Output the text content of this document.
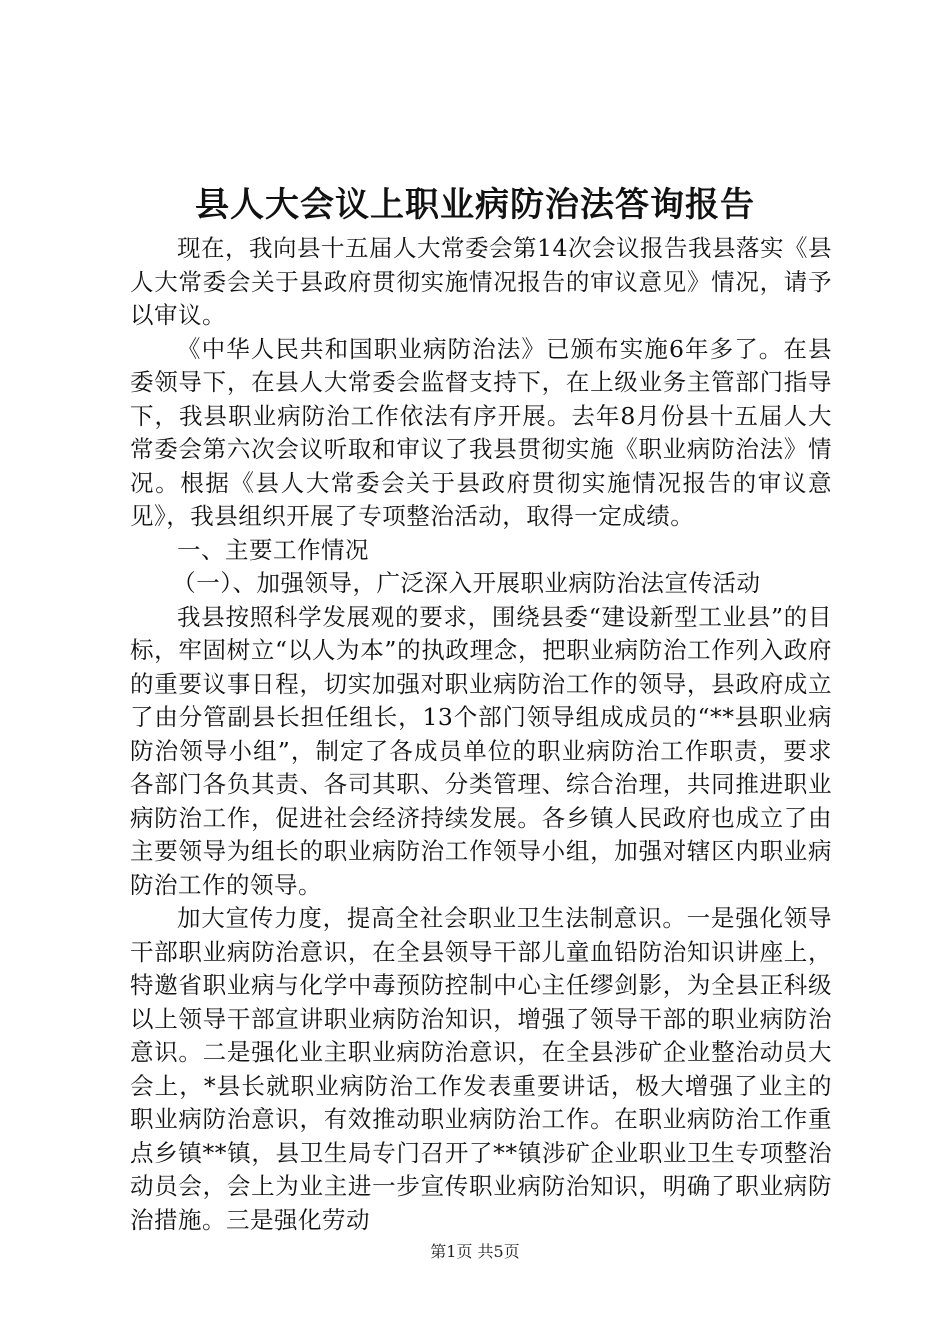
县人大会议上职业病防治法答询报告

现在，我向县十五届人大常委会第14次会议报告我县落实《县人大常委会关于县政府贯彻实施情况报告的审议意见》情况，请予以审议。

《中华人民共和国职业病防治法》已颁布实施6年多了。在县委领导下，在县人大常委会监督支持下，在上级业务主管部门指导下，我县职业病防治工作依法有序开展。去年8月份县十五届人大常委会第六次会议听取和审议了我县贯彻实施《职业病防治法》情况。根据《县人大常委会关于县政府贯彻实施情况报告的审议意见》，我县组织开展了专项整治活动，取得一定成绩。

一、主要工作情况

（一）、加强领导，广泛深入开展职业病防治法宣传活动

我县按照科学发展观的要求，围绕县委“建设新型工业县”的目标，牢固树立“以人为本”的执政理念，把职业病防治工作列入政府的重要议事日程，切实加强对职业病防治工作的领导，县政府成立了由分管副县长担任组长，13个部门领导组成成员的“**县职业病防治领导小组”，制定了各成员单位的职业病防治工作职责，要求各部门各负其责、各司其职、分类管理、综合治理，共同推进职业病防治工作，促进社会经济持续发展。各乡镇人民政府也成立了由主要领导为组长的职业病防治工作领导小组，加强对辖区内职业病防治工作的领导。

加大宣传力度，提高全社会职业卫生法制意识。一是强化领导干部职业病防治意识，在全县领导干部儿童血铅防治知识讲座上，特邀省职业病与化学中毒预防控制中心主任缪剑影，为全县正科级以上领导干部宣讲职业病防治知识，增强了领导干部的职业病防治意识。二是强化业主职业病防治意识，在全县涉矿企业整治动员大会上，*县长就职业病防治工作发表重要讲话，极大增强了业主的职业病防治意识，有效推动职业病防治工作。在职业病防治工作重点乡镇**镇，县卫生局专门召开了**镇涉矿企业职业卫生专项整治动员会，会上为业主进一步宣传职业病防治知识，明确了职业病防治措施。三是强化劳动

第1页 共5页
